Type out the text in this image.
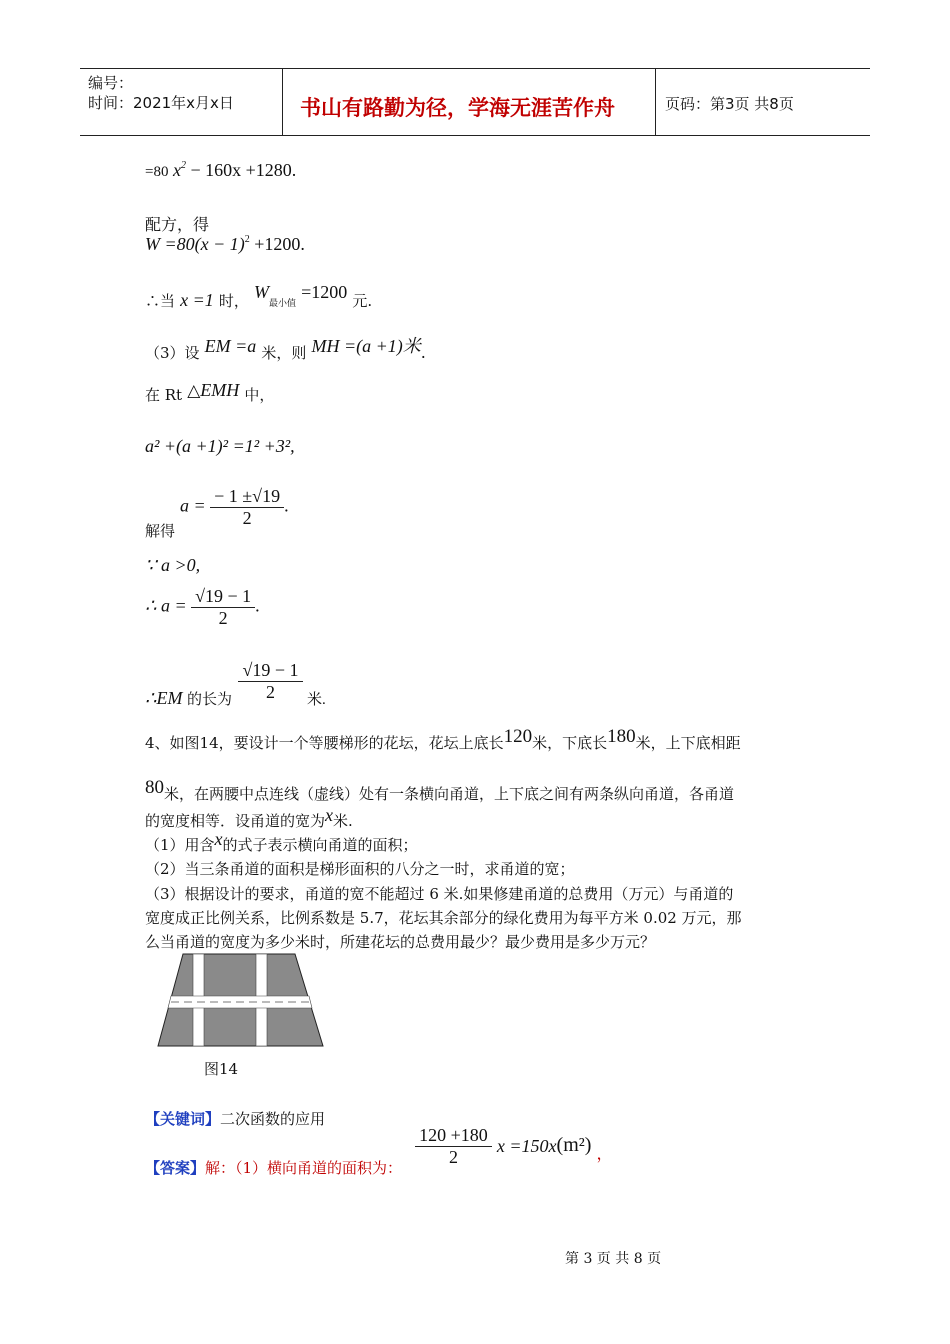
编号：
时间：2021年x月x日	书山有路勤为径，学海无涯苦作舟	页码：第3页 共8页
=80 $x^2 - 160x +1280$.
配方，得
$W =80(x - 1)^2 +1200$.
∴当 x =1 时， W最小值 =1200 元.
（3）设 EM =a 米，则 MH =(a +1)米.
在 Rt △EMH 中，
a² +(a +1)² =1² +3²,
$a = \frac{- 1 \pm√19}{2}$ .
解得
∵ a >0,
∴ $a = \frac{√19 - 1}{2}$ .
∴EM $_{的长为} \frac{√19 - 1}{2} _{米.}$
4、如图14，要设计一个等腰梯形的花坛，花坛上底长120米，下底长180米，上下底相距
80米，在两腰中点连线（虚线）处有一条横向甬道，上下底之间有两条纵向甬道，各甬道
的宽度相等．设甬道的宽为x米.
（1）用含x的式子表示横向甬道的面积；
（2）当三条甬道的面积是梯形面积的八分之一时，求甬道的宽；
（3）根据设计的要求，甬道的宽不能超过 6 米.如果修建甬道的总费用（万元）与甬道的
宽度成正比例关系，比例系数是 5.7，花坛其余部分的绿化费用为每平方米 0.02 万元，那
么当甬道的宽度为多少米时，所建花坛的总费用最少？最少费用是多少万元？
图14
【关键词】二次函数的应用
【答案】解：（1）横向甬道的面积为： $\frac{120 +180}{2}$ x =150x(m²) ，
第 3 页 共 8 页
